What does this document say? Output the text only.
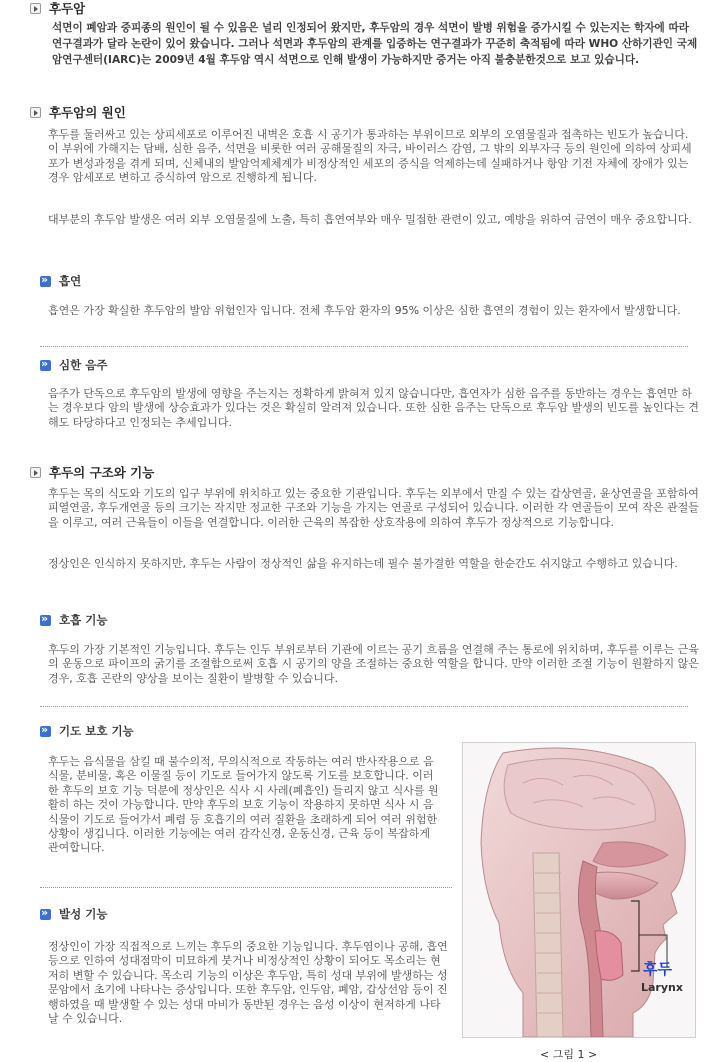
후두암
석면이 폐암과 중피종의 원인이 될 수 있음은 널리 인정되어 왔지만, 후두암의 경우 석면이 발병 위험을 증가시킬 수 있는지는 학자에 따라 연구결과가 달라 논란이 있어 왔습니다. 그러나 석면과 후두암의 관계를 입증하는 연구결과가 꾸준히 축적됨에 따라 WHO 산하기관인 국제암연구센터(IARC)는 2009년 4월 후두암 역시 석면으로 인해 발생이 가능하지만 증거는 아직 불충분한것으로 보고 있습니다.
후두암의 원인
후두를 둘러싸고 있는 상피세포로 이루어진 내벽은 호흡 시 공기가 통과하는 부위이므로 외부의 오염물질과 접촉하는 빈도가 높습니다. 이 부위에 가해지는 담배, 심한 음주, 석면을 비롯한 여러 공해물질의 자극, 바이러스 감염, 그 밖의 외부자극 등의 원인에 의하여 상피세포가 변성과정을 겪게 되며, 신체내의 발암억제체계가 비정상적인 세포의 증식을 억제하는데 실패하거나 항암 기전 자체에 장애가 있는 경우 암세포로 변하고 증식하여 암으로 진행하게 됩니다.
대부분의 후두암 발생은 여러 외부 오염물질에 노출, 특히 흡연여부와 매우 밀접한 관련이 있고, 예방을 위하여 금연이 매우 중요합니다.
»
흡연
흡연은 가장 확실한 후두암의 발암 위험인자 입니다. 전체 후두암 환자의 95% 이상은 심한 흡연의 경험이 있는 환자에서 발생합니다.
»
심한 음주
음주가 단독으로 후두암의 발생에 영향을 주는지는 정확하게 밝혀져 있지 않습니다만, 흡연자가 심한 음주를 동반하는 경우는 흡연만 하는 경우보다 암의 발생에 상승효과가 있다는 것은 확실히 알려져 있습니다. 또한 심한 음주는 단독으로 후두암 발생의 빈도를 높인다는 견해도 타당하다고 인정되는 추세입니다.
후두의 구조와 기능
후두는 목의 식도와 기도의 입구 부위에 위치하고 있는 중요한 기관입니다. 후두는 외부에서 만질 수 있는 갑상연골, 윤상연골을 포함하여 피열연골, 후두개연골 등의 크기는 작지만 정교한 구조와 기능을 가지는 연골로 구성되어 있습니다. 이러한 각 연골들이 모여 작은 관절들을 이루고, 여러 근육들이 이들을 연결합니다. 이러한 근육의 복잡한 상호작용에 의하여 후두가 정상적으로 기능합니다.
정상인은 인식하지 못하지만, 후두는 사람이 정상적인 삶을 유지하는데 필수 불가결한 역할을 한순간도 쉬지않고 수행하고 있습니다.
»
호흡 기능
후두의 가장 기본적인 기능입니다. 후두는 인두 부위로부터 기관에 이르는 공기 흐름을 연결해 주는 통로에 위치하며, 후두를 이루는 근육의 운동으로 파이프의 굵기를 조절함으로써 호흡 시 공기의 양을 조절하는 중요한 역할을 합니다. 만약 이러한 조절 기능이 원활하지 않은 경우, 호흡 곤란의 양상을 보이는 질환이 발병할 수 있습니다.
»
기도 보호 기능
후두는 음식물을 삼킬 때 불수의적, 무의식적으로 작동하는 여러 반사작용으로 음식물, 분비물, 혹은 이물질 등이 기도로 들어가지 않도록 기도를 보호합니다. 이러한 후두의 보호 기능 덕분에 정상인은 식사 시 사레(폐흡인) 들리지 않고 식사를 원활히 하는 것이 가능합니다. 만약 후두의 보호 기능이 작용하지 못하면 식사 시 음식물이 기도로 들어가서 폐렴 등 호흡기의 여러 질환을 초래하게 되어 여러 위험한 상황이 생깁니다. 이러한 기능에는 여러 감각신경, 운동신경, 근육 등이 복잡하게 관여합니다.
»
발성 기능
정상인이 가장 직접적으로 느끼는 후두의 중요한 기능입니다. 후두염이나 공해, 흡연 등으로 인하여 성대점막이 미묘하게 붓거나 비정상적인 상황이 되어도 목소리는 현저히 변할 수 있습니다. 목소리 기능의 이상은 후두암, 특히 성대 부위에 발생하는 성문암에서 초기에 나타나는 증상입니다. 또한 후두암, 인두암, 폐암, 갑상선암 등이 진행하였을 때 발생할 수 있는 성대 마비가 동반된 경우는 음성 이상이 현저하게 나타날 수 있습니다.
후두
Larynx
< 그림 1 >
